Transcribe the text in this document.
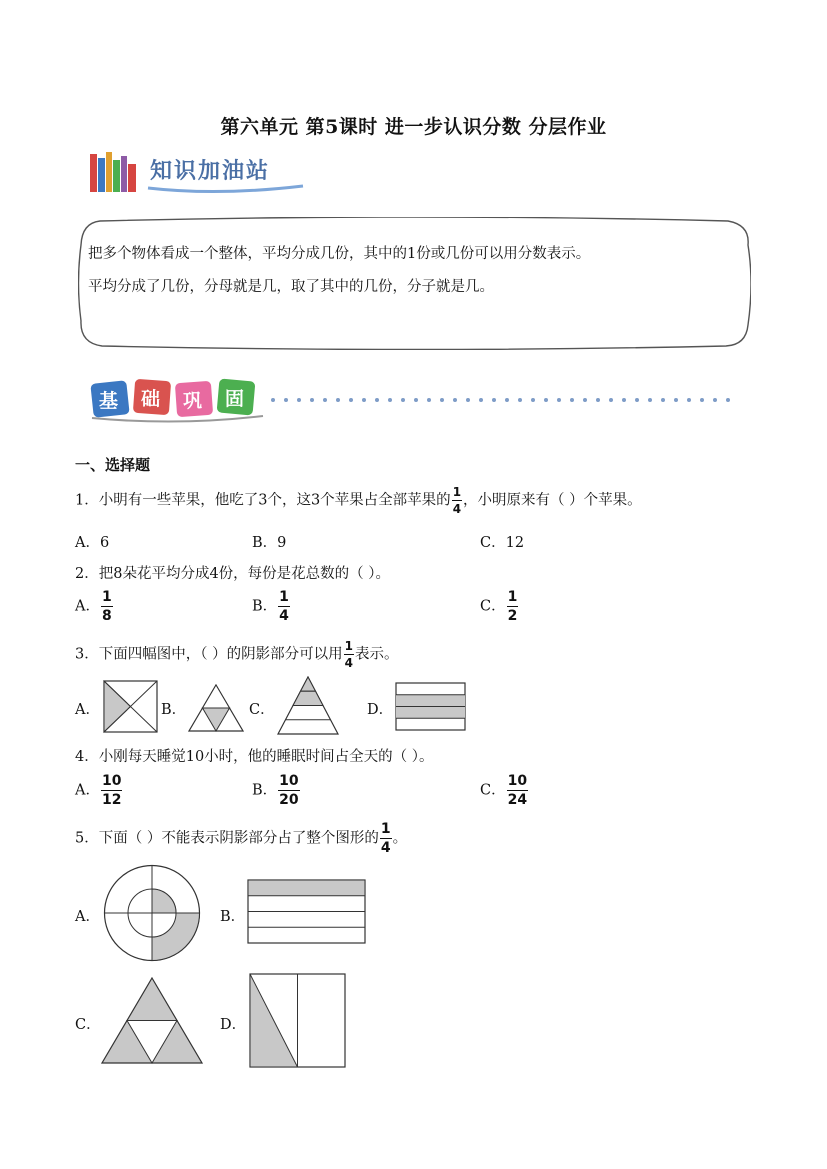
第六单元 第5课时 进一步认识分数 分层作业
知识加油站
把多个物体看成一个整体，平均分成几份，其中的1份或几份可以用分数表示。
平均分成了几份，分母就是几，取了其中的几份，分子就是几。
基 础 巩 固
一、选择题
1．小明有一些苹果，他吃了3个，这3个苹果占全部苹果的 $\frac{1}{4}$ ，小明原来有（ ）个苹果。
A．6	B．9	C．12
2．把8朵花平均分成4份，每份是花总数的（ ）。
A． $\frac{1}{8}$	B． $\frac{1}{4}$	C． $\frac{1}{2}$
3．下面四幅图中，（ ）的阴影部分可以用 $\frac{1}{4}$ 表示。
A．	B．	C．	D．
4．小刚每天睡觉10小时，他的睡眠时间占全天的（ ）。
A． $\frac{10}{12}$	B． $\frac{10}{20}$	C． $\frac{10}{24}$
5．下面（ ）不能表示阴影部分占了整个图形的 $\frac{1}{4}$ 。
A．	B．
C．	D．
